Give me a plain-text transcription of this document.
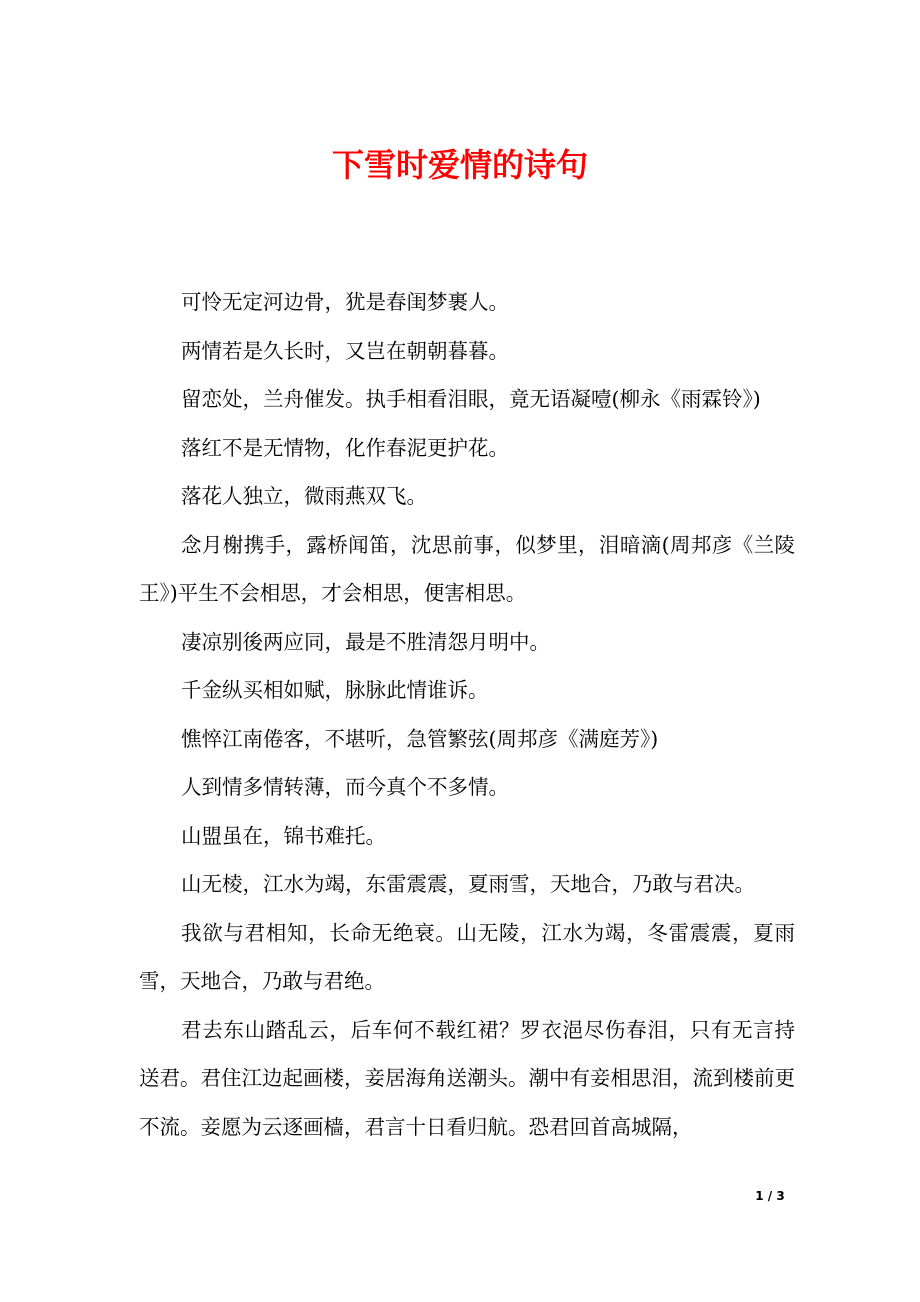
下雪时爱情的诗句

可怜无定河边骨，犹是春闺梦裹人。

两情若是久长时，又岂在朝朝暮暮。

留恋处，兰舟催发。执手相看泪眼，竟无语凝噎(柳永《雨霖铃》)

落红不是无情物，化作春泥更护花。

落花人独立，微雨燕双飞。

念月榭携手，露桥闻笛，沈思前事，似梦里，泪暗滴(周邦彦《兰陵王》)平生不会相思，才会相思，便害相思。

凄凉别後两应同，最是不胜清怨月明中。

千金纵买相如赋，脉脉此情谁诉。

憔悴江南倦客，不堪听，急管繁弦(周邦彦《满庭芳》)

人到情多情转薄，而今真个不多情。

山盟虽在，锦书难托。

山无棱，江水为竭，东雷震震，夏雨雪，天地合，乃敢与君决。

我欲与君相知，长命无绝衰。山无陵，江水为竭，冬雷震震，夏雨雪，天地合，乃敢与君绝。

君去东山踏乱云，后车何不载红裙？罗衣浥尽伤春泪，只有无言持送君。君住江边起画楼，妾居海角送潮头。潮中有妾相思泪，流到楼前更不流。妾愿为云逐画樯，君言十日看归航。恐君回首高城隔，

1 / 3
